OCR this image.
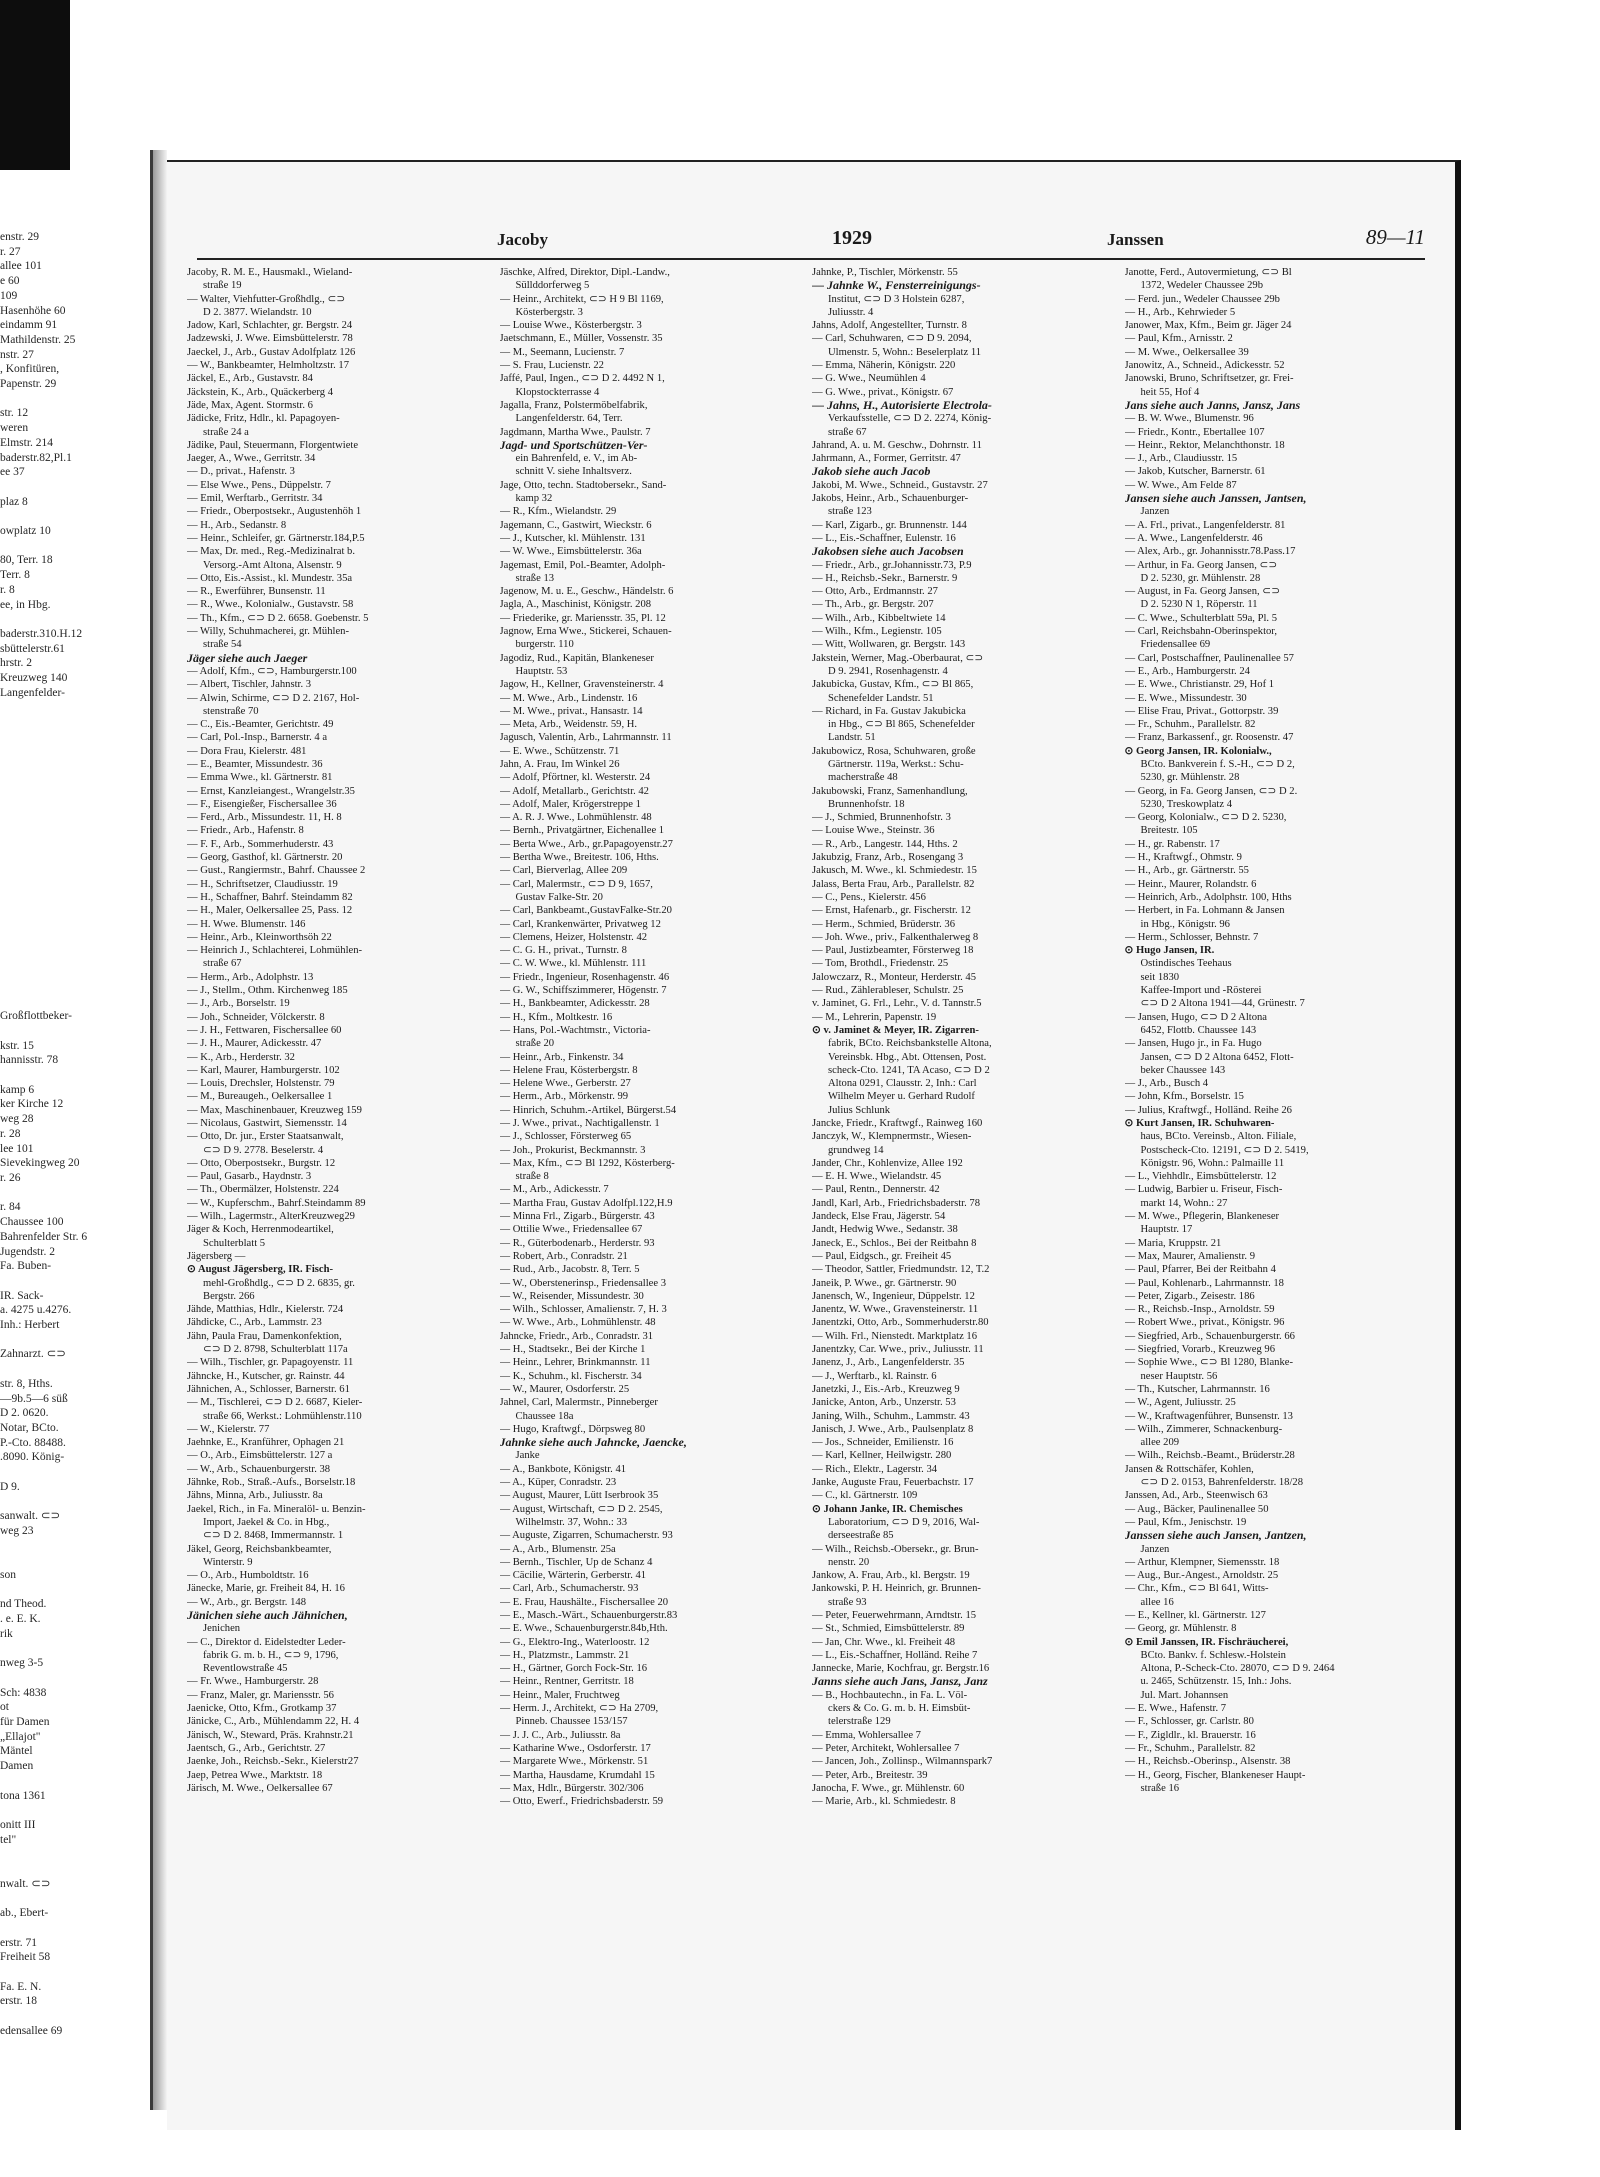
enstr. 29
r. 27
allee 101
e 60
109
Hasenhöhe 60
eindamm 91
Mathildenstr. 25
nstr. 27
, Konfitüren,
Papenstr. 29

str. 12
weren
Elmstr. 214
baderstr.82,Pl.1
ee 37

plaz 8

owplatz 10

80, Terr. 18
Terr. 8
r. 8
ee, in Hbg.

baderstr.310.H.12
sbüttelerstr.61
hrstr. 2
Kreuzweg 140
Langenfelder-

Großflottbeker-

kstr. 15
hannisstr. 78

kamp 6
ker Kirche 12
weg 28
r. 28
lee 101
Sievekingweg 20
r. 26

r. 84
Chaussee 100
Bahrenfelder Str. 6
Jugendstr. 2
Fa. Buben-

IR. Sack-
a. 4275 u.4276.
Inh.: Herbert

Zahnarzt. ⊂⊃

str. 8, Hths.
—9b.5—6 süß
D 2. 0620.
Notar, BCto.
P.-Cto. 88488.
.8090. König-

D 9.

sanwalt. ⊂⊃
weg 23

son

nd Theod.
. e. E. K.
rik

nweg 3-5

Sch: 4838
ot
für Damen
„Ellajot"
Mäntel
Damen

tona 1361

onitt III
tel"

nwalt. ⊂⊃

ab., Ebert-

erstr. 71
Freiheit 58

Fa. E. N.
erstr. 18

edensallee 69
Jacoby	1929	Janssen	89—11
Jacoby, R. M. E., Hausmakl., Wieland-
straße 19
— Walter, Viehfutter-Großhdlg., ⊂⊃
D 2. 3877. Wielandstr. 10
Jadow, Karl, Schlachter, gr. Bergstr. 24
Jadzewski, J. Wwe. Eimsbüttelerstr. 78
Jaeckel, J., Arb., Gustav Adolfplatz 126
— W., Bankbeamter, Helmholtzstr. 17
Jäckel, E., Arb., Gustavstr. 84
Jäckstein, K., Arb., Quäckerberg 4
Jäde, Max, Agent. Stormstr. 6
Jädicke, Fritz, Hdlr., kl. Papagoyen-
straße 24 a
Jädike, Paul, Steuermann, Florgentwiete
Jaeger, A., Wwe., Gerritstr. 34
— D., privat., Hafenstr. 3
— Else Wwe., Pens., Düppelstr. 7
— Emil, Werftarb., Gerritstr. 34
— Friedr., Oberpostsekr., Augustenhöh 1
— H., Arb., Sedanstr. 8
— Heinr., Schleifer, gr. Gärtnerstr.184,P.5
— Max, Dr. med., Reg.-Medizinalrat b.
Versorg.-Amt Altona, Alsenstr. 9
— Otto, Eis.-Assist., kl. Mundestr. 35a
— R., Ewerführer, Bunsenstr. 11
— R., Wwe., Kolonialw., Gustavstr. 58
— Th., Kfm., ⊂⊃ D 2. 6658. Goebenstr. 5
— Willy, Schuhmacherei, gr. Mühlen-
straße 54
Jäger siehe auch Jaeger
— Adolf, Kfm., ⊂⊃, Hamburgerstr.100
— Albert, Tischler, Jahnstr. 3
— Alwin, Schirme, ⊂⊃ D 2. 2167, Hol-
stenstraße 70
— C., Eis.-Beamter, Gerichtstr. 49
— Carl, Pol.-Insp., Barnerstr. 4 a
— Dora Frau, Kielerstr. 481
— E., Beamter, Missundestr. 36
— Emma Wwe., kl. Gärtnerstr. 81
— Ernst, Kanzleiangest., Wrangelstr.35
— F., Eisengießer, Fischersallee 36
— Ferd., Arb., Missundestr. 11, H. 8
— Friedr., Arb., Hafenstr. 8
— F. F., Arb., Sommerhuderstr. 43
— Georg, Gasthof, kl. Gärtnerstr. 20
— Gust., Rangiermstr., Bahrf. Chaussee 2
— H., Schriftsetzer, Claudiusstr. 19
— H., Schaffner, Bahrf. Steindamm 82
— H., Maler, Oelkersallee 25, Pass. 12
— H. Wwe. Blumenstr. 146
— Heinr., Arb., Kleinworthsöh 22
— Heinrich J., Schlachterei, Lohmühlen-
straße 67
— Herm., Arb., Adolphstr. 13
— J., Stellm., Othm. Kirchenweg 185
— J., Arb., Borselstr. 19
— Joh., Schneider, Völckerstr. 8
— J. H., Fettwaren, Fischersallee 60
— J. H., Maurer, Adickesstr. 47
— K., Arb., Herderstr. 32
— Karl, Maurer, Hamburgerstr. 102
— Louis, Drechsler, Holstenstr. 79
— M., Bureaugeh., Oelkersallee 1
— Max, Maschinenbauer, Kreuzweg 159
— Nicolaus, Gastwirt, Siemensstr. 14
— Otto, Dr. jur., Erster Staatsanwalt,
⊂⊃ D 9. 2778. Beselerstr. 4
— Otto, Oberpostsekr., Burgstr. 12
— Paul, Gasarb., Haydnstr. 3
— Th., Obermälzer, Holstenstr. 224
— W., Kupferschm., Bahrf.Steindamm 89
— Wilh., Lagermstr., AlterKreuzweg29
Jäger & Koch, Herrenmodeartikel,
Schulterblatt 5
Jägersberg —
⊙ August Jägersberg, IR. Fisch-
mehl-Großhdlg., ⊂⊃ D 2. 6835, gr.
Bergstr. 266
Jähde, Matthias, Hdlr., Kielerstr. 724
Jähdicke, C., Arb., Lammstr. 23
Jähn, Paula Frau, Damenkonfektion,
⊂⊃ D 2. 8798, Schulterblatt 117a
— Wilh., Tischler, gr. Papagoyenstr. 11
Jähncke, H., Kutscher, gr. Rainstr. 44
Jähnichen, A., Schlosser, Barnerstr. 61
— M., Tischlerei, ⊂⊃ D 2. 6687, Kieler-
straße 66, Werkst.: Lohmühlenstr.110
— W., Kielerstr. 77
Jaehnke, E., Kranführer, Ophagen 21
— O., Arb., Eimsbüttelerstr. 127 a
— W., Arb., Schauenburgerstr. 38
Jähnke, Rob., Straß.-Aufs., Borselstr.18
Jähns, Minna, Arb., Juliusstr. 8a
Jaekel, Rich., in Fa. Mineralöl- u. Benzin-
Import, Jaekel & Co. in Hbg.,
⊂⊃ D 2. 8468, Immermannstr. 1
Jäkel, Georg, Reichsbankbeamter,
Winterstr. 9
— O., Arb., Humboldtstr. 16
Jänecke, Marie, gr. Freiheit 84, H. 16
— W., Arb., gr. Bergstr. 148
Jänichen siehe auch Jähnichen,
Jenichen
— C., Direktor d. Eidelstedter Leder-
fabrik G. m. b. H., ⊂⊃ 9, 1796,
Reventlowstraße 45
— Fr. Wwe., Hamburgerstr. 28
— Franz, Maler, gr. Mariensstr. 56
Jaenicke, Otto, Kfm., Grotkamp 37
Jänicke, C., Arb., Mühlendamm 22, H. 4
Jänisch, W., Steward, Präs. Krahnstr.21
Jaentsch, G., Arb., Gerichtstr. 27
Jaenke, Joh., Reichsb.-Sekr., Kielerstr27
Jaep, Petrea Wwe., Marktstr. 18
Järisch, M. Wwe., Oelkersallee 67
Jäschke, Alfred, Direktor, Dipl.-Landw.,
Süllddorferweg 5
— Heinr., Architekt, ⊂⊃ H 9 Bl 1169,
Kösterbergstr. 3
— Louise Wwe., Kösterbergstr. 3
Jaetschmann, E., Müller, Vossenstr. 35
— M., Seemann, Lucienstr. 7
— S. Frau, Lucienstr. 22
Jaffé, Paul, Ingen., ⊂⊃ D 2. 4492 N 1,
Klopstockterrasse 4
Jagalla, Franz, Polstermöbelfabrik,
Langenfelderstr. 64, Terr.
Jagdmann, Martha Wwe., Paulstr. 7
Jagd- und Sportschützen-Ver-
ein Bahrenfeld, e. V., im Ab-
schnitt V. siehe Inhaltsverz.
Jage, Otto, techn. Stadtobersekr., Sand-
kamp 32
— R., Kfm., Wielandstr. 29
Jagemann, C., Gastwirt, Wieckstr. 6
— J., Kutscher, kl. Mühlenstr. 131
— W. Wwe., Eimsbüttelerstr. 36a
Jagemast, Emil, Pol.-Beamter, Adolph-
straße 13
Jagenow, M. u. E., Geschw., Händelstr. 6
Jagla, A., Maschinist, Königstr. 208
— Friederike, gr. Mariensstr. 35, Pl. 12
Jagnow, Erna Wwe., Stickerei, Schauen-
burgerstr. 110
Jagodiz, Rud., Kapitän, Blankeneser
Hauptstr. 53
Jagow, H., Kellner, Gravensteinerstr. 4
— M. Wwe., Arb., Lindenstr. 16
— M. Wwe., privat., Hansastr. 14
— Meta, Arb., Weidenstr. 59, H.
Jagusch, Valentin, Arb., Lahrmannstr. 11
— E. Wwe., Schützenstr. 71
Jahn, A. Frau, Im Winkel 26
— Adolf, Pförtner, kl. Westerstr. 24
— Adolf, Metallarb., Gerichtstr. 42
— Adolf, Maler, Krögerstreppe 1
— A. R. J. Wwe., Lohmühlenstr. 48
— Bernh., Privatgärtner, Eichenallee 1
— Berta Wwe., Arb., gr.Papagoyenstr.27
— Bertha Wwe., Breitestr. 106, Hths.
— Carl, Bierverlag, Allee 209
— Carl, Malermstr., ⊂⊃ D 9, 1657,
Gustav Falke-Str. 20
— Carl, Bankbeamt.,GustavFalke-Str.20
— Carl, Krankenwärter, Privatweg 12
— Clemens, Heizer, Holstenstr. 42
— C. G. H., privat., Turnstr. 8
— C. W. Wwe., kl. Mühlenstr. 111
— Friedr., Ingenieur, Rosenhagenstr. 46
— G. W., Schiffszimmerer, Högenstr. 7
— H., Bankbeamter, Adickesstr. 28
— H., Kfm., Moltkestr. 16
— Hans, Pol.-Wachtmstr., Victoria-
straße 20
— Heinr., Arb., Finkenstr. 34
— Helene Frau, Kösterbergstr. 8
— Helene Wwe., Gerberstr. 27
— Herm., Arb., Mörkenstr. 99
— Hinrich, Schuhm.-Artikel, Bürgerst.54
— J. Wwe., privat., Nachtigallenstr. 1
— J., Schlosser, Försterweg 65
— Joh., Prokurist, Beckmannstr. 3
— Max, Kfm., ⊂⊃ Bl 1292, Kösterberg-
straße 8
— M., Arb., Adickesstr. 7
— Martha Frau, Gustav Adolfpl.122,H.9
— Minna Frl., Zigarb., Bürgerstr. 43
— Ottilie Wwe., Friedensallee 67
— R., Güterbodenarb., Herderstr. 93
— Robert, Arb., Conradstr. 21
— Rud., Arb., Jacobstr. 8, Terr. 5
— W., Oberstenerinsp., Friedensallee 3
— W., Reisender, Missundestr. 30
— Wilh., Schlosser, Amalienstr. 7, H. 3
— W. Wwe., Arb., Lohmühlenstr. 48
Jahncke, Friedr., Arb., Conradstr. 31
— H., Stadtsekr., Bei der Kirche 1
— Heinr., Lehrer, Brinkmannstr. 11
— K., Schuhm., kl. Fischerstr. 34
— W., Maurer, Osdorferstr. 25
Jahnel, Carl, Malermstr., Pinneberger
Chaussee 18a
— Hugo, Kraftwgf., Dörpsweg 80
Jahnke siehe auch Jahncke, Jaencke,
Janke
— A., Bankbote, Königstr. 41
— A., Küper, Conradstr. 23
— August, Maurer, Lütt Iserbrook 35
— August, Wirtschaft, ⊂⊃ D 2. 2545,
Wilhelmstr. 37, Wohn.: 33
— Auguste, Zigarren, Schumacherstr. 93
— A., Arb., Blumenstr. 25a
— Bernh., Tischler, Up de Schanz 4
— Cäcilie, Wärterin, Gerberstr. 41
— Carl, Arb., Schumacherstr. 93
— E. Frau, Haushälte., Fischersallee 20
— E., Masch.-Wärt., Schauenburgerstr.83
— E. Wwe., Schauenburgerstr.84b,Hth.
— G., Elektro-Ing., Waterloostr. 12
— H., Platzmstr., Lammstr. 21
— H., Gärtner, Gorch Fock-Str. 16
— Heinr., Rentner, Gerritstr. 18
— Heinr., Maler, Fruchtweg
— Herm. J., Architekt, ⊂⊃ Ha 2709,
Pinneb. Chaussee 153/157
— J. J. C., Arb., Juliusstr. 8a
— Katharine Wwe., Osdorferstr. 17
— Margarete Wwe., Mörkenstr. 51
— Martha, Hausdame, Krumdahl 15
— Max, Hdlr., Bürgerstr. 302/306
— Otto, Ewerf., Friedrichsbaderstr. 59
Jahnke, P., Tischler, Mörkenstr. 55
— Jahnke W., Fensterreinigungs-
Institut, ⊂⊃ D 3 Holstein 6287,
Juliusstr. 4
Jahns, Adolf, Angestellter, Turnstr. 8
— Carl, Schuhwaren, ⊂⊃ D 9. 2094,
Ulmenstr. 5, Wohn.: Beselerplatz 11
— Emma, Näherin, Königstr. 220
— G. Wwe., Neumühlen 4
— G. Wwe., privat., Königstr. 67
— Jahns, H., Autorisierte Electrola-
Verkaufsstelle, ⊂⊃ D 2. 2274, König-
straße 67
Jahrand, A. u. M. Geschw., Dohrnstr. 11
Jahrmann, A., Former, Gerritstr. 47
Jakob siehe auch Jacob
Jakobi, M. Wwe., Schneid., Gustavstr. 27
Jakobs, Heinr., Arb., Schauenburger-
straße 123
— Karl, Zigarb., gr. Brunnenstr. 144
— L., Eis.-Schaffner, Eulenstr. 16
Jakobsen siehe auch Jacobsen
— Friedr., Arb., gr.Johannisstr.73, P.9
— H., Reichsb.-Sekr., Barnerstr. 9
— Otto, Arb., Erdmannstr. 27
— Th., Arb., gr. Bergstr. 207
— Wilh., Arb., Kibbeltwiete 14
— Wilh., Kfm., Legienstr. 105
— Witt, Wollwaren, gr. Bergstr. 143
Jakstein, Werner, Mag.-Oberbaurat, ⊂⊃
D 9. 2941, Rosenhagenstr. 4
Jakubicka, Gustav, Kfm., ⊂⊃ Bl 865,
Schenefelder Landstr. 51
— Richard, in Fa. Gustav Jakubicka
in Hbg., ⊂⊃ Bl 865, Schenefelder
Landstr. 51
Jakubowicz, Rosa, Schuhwaren, große
Gärtnerstr. 119a, Werkst.: Schu-
macherstraße 48
Jakubowski, Franz, Samenhandlung,
Brunnenhofstr. 18
— J., Schmied, Brunnenhofstr. 3
— Louise Wwe., Steinstr. 36
— R., Arb., Langestr. 144, Hths. 2
Jakubzig, Franz, Arb., Rosengang 3
Jakusch, M. Wwe., kl. Schmiedestr. 15
Jalass, Berta Frau, Arb., Parallelstr. 82
— C., Pens., Kielerstr. 456
— Ernst, Hafenarb., gr. Fischerstr. 12
— Herm., Schmied, Brüderstr. 36
— Joh. Wwe., priv., Falkenthalerweg 8
— Paul, Justizbeamter, Försterweg 18
— Tom, Brothdl., Friedenstr. 25
Jalowczarz, R., Monteur, Herderstr. 45
— Rud., Zählerableser, Schulstr. 25
v. Jaminet, G. Frl., Lehr., V. d. Tannstr.5
— M., Lehrerin, Papenstr. 19
⊙ v. Jaminet & Meyer, IR. Zigarren-
fabrik, BCto. Reichsbankstelle Altona,
Vereinsbk. Hbg., Abt. Ottensen, Post.
scheck-Cto. 1241, TA Acaso, ⊂⊃ D 2
Altona 0291, Clausstr. 2, Inh.: Carl
Wilhelm Meyer u. Gerhard Rudolf
Julius Schlunk
Jancke, Friedr., Kraftwgf., Rainweg 160
Janczyk, W., Klempnermstr., Wiesen-
grundweg 14
Jander, Chr., Kohlenvize, Allee 192
— E. H. Wwe., Wielandstr. 45
— Paul, Rentn., Dennerstr. 42
Jandl, Karl, Arb., Friedrichsbaderstr. 78
Jandeck, Else Frau, Jägerstr. 54
Jandt, Hedwig Wwe., Sedanstr. 38
Janeck, E., Schlos., Bei der Reitbahn 8
— Paul, Eidgsch., gr. Freiheit 45
— Theodor, Sattler, Friedmundstr. 12, T.2
Janeik, P. Wwe., gr. Gärtnerstr. 90
Janensch, W., Ingenieur, Düppelstr. 12
Janentz, W. Wwe., Gravensteinerstr. 11
Janentzki, Otto, Arb., Sommerhuderstr.80
— Wilh. Frl., Nienstedt. Marktplatz 16
Janentzky, Car. Wwe., priv., Juliusstr. 11
Janenz, J., Arb., Langenfelderstr. 35
— J., Werftarb., kl. Rainstr. 6
Janetzki, J., Eis.-Arb., Kreuzweg 9
Janicke, Anton, Arb., Unzerstr. 53
Janing, Wilh., Schuhm., Lammstr. 43
Janisch, J. Wwe., Arb., Paulsenplatz 8
— Jos., Schneider, Emilienstr. 16
— Karl, Kellner, Heilwigstr. 280
— Rich., Elektr., Lagerstr. 34
Janke, Auguste Frau, Feuerbachstr. 17
— C., kl. Gärtnerstr. 109
⊙ Johann Janke, IR. Chemisches
Laboratorium, ⊂⊃ D 9, 2016, Wal-
derseestraße 85
— Wilh., Reichsb.-Obersekr., gr. Brun-
nenstr. 20
Jankow, A. Frau, Arb., kl. Bergstr. 19
Jankowski, P. H. Heinrich, gr. Brunnen-
straße 93
— Peter, Feuerwehrmann, Arndtstr. 15
— St., Schmied, Eimsbüttelerstr. 89
— Jan, Chr. Wwe., kl. Freiheit 48
— L., Eis.-Schaffner, Holländ. Reihe 7
Jannecke, Marie, Kochfrau, gr. Bergstr.16
Janns siehe auch Jans, Jansz, Janz
— B., Hochbautechn., in Fa. L. Völ-
ckers & Co. G. m. b. H. Eimsbüt-
telerstraße 129
— Emma, Wohlersallee 7
— Peter, Architekt, Wohlersallee 7
— Jancen, Joh., Zollinsp., Wilmannspark7
— Peter, Arb., Breitestr. 39
Janocha, F. Wwe., gr. Mühlenstr. 60
— Marie, Arb., kl. Schmiedestr. 8
Janotte, Ferd., Autovermietung, ⊂⊃ Bl
1372, Wedeler Chaussee 29b
— Ferd. jun., Wedeler Chaussee 29b
— H., Arb., Kehrwieder 5
Janower, Max, Kfm., Beim gr. Jäger 24
— Paul, Kfm., Arnisstr. 2
— M. Wwe., Oelkersallee 39
Janowitz, A., Schneid., Adickesstr. 52
Janowski, Bruno, Schriftsetzer, gr. Frei-
heit 55, Hof 4
Jans siehe auch Janns, Jansz, Jans
— B. W. Wwe., Blumenstr. 96
— Friedr., Kontr., Ebertallee 107
— Heinr., Rektor, Melanchthonstr. 18
— J., Arb., Claudiusstr. 15
— Jakob, Kutscher, Barnerstr. 61
— W. Wwe., Am Felde 87
Jansen siehe auch Janssen, Jantsen,
Janzen
— A. Frl., privat., Langenfelderstr. 81
— A. Wwe., Langenfelderstr. 46
— Alex, Arb., gr. Johannisstr.78.Pass.17
— Arthur, in Fa. Georg Jansen, ⊂⊃
D 2. 5230, gr. Mühlenstr. 28
— August, in Fa. Georg Jansen, ⊂⊃
D 2. 5230 N 1, Röperstr. 11
— C. Wwe., Schulterblatt 59a, Pl. 5
— Carl, Reichsbahn-Oberinspektor,
Friedensallee 69
— Carl, Postschaffner, Paulinenallee 57
— E., Arb., Hamburgerstr. 24
— E. Wwe., Christianstr. 29, Hof 1
— E. Wwe., Missundestr. 30
— Elise Frau, Privat., Gottorpstr. 39
— Fr., Schuhm., Parallelstr. 82
— Franz, Barkassenf., gr. Roosenstr. 47
⊙ Georg Jansen, IR. Kolonialw.,
BCto. Bankverein f. S.-H., ⊂⊃ D 2,
5230, gr. Mühlenstr. 28
— Georg, in Fa. Georg Jansen, ⊂⊃ D 2.
5230, Treskowplatz 4
— Georg, Kolonialw., ⊂⊃ D 2. 5230,
Breitestr. 105
— H., gr. Rabenstr. 17
— H., Kraftwgf., Ohmstr. 9
— H., Arb., gr. Gärtnerstr. 55
— Heinr., Maurer, Rolandstr. 6
— Heinrich, Arb., Adolphstr. 100, Hths
— Herbert, in Fa. Lohmann & Jansen
in Hbg., Königstr. 96
— Herm., Schlosser, Behnstr. 7
⊙ Hugo Jansen, IR.
Ostindisches Teehaus
seit 1830
Kaffee-Import und -Rösterei
⊂⊃ D 2 Altona 1941—44, Grünestr. 7
— Jansen, Hugo, ⊂⊃ D 2 Altona
6452, Flottb. Chaussee 143
— Jansen, Hugo jr., in Fa. Hugo
Jansen, ⊂⊃ D 2 Altona 6452, Flott-
beker Chaussee 143
— J., Arb., Busch 4
— John, Kfm., Borselstr. 15
— Julius, Kraftwgf., Holländ. Reihe 26
⊙ Kurt Jansen, IR. Schuhwaren-
haus, BCto. Vereinsb., Alton. Filiale,
Postscheck-Cto. 12191, ⊂⊃ D 2. 5419,
Königstr. 96, Wohn.: Palmaille 11
— L., Viehhdlr., Eimsbüttelerstr. 12
— Ludwig, Barbier u. Friseur, Fisch-
markt 14, Wohn.: 27
— M. Wwe., Pflegerin, Blankeneser
Hauptstr. 17
— Maria, Kruppstr. 21
— Max, Maurer, Amalienstr. 9
— Paul, Pfarrer, Bei der Reitbahn 4
— Paul, Kohlenarb., Lahrmannstr. 18
— Peter, Zigarb., Zeisestr. 186
— R., Reichsb.-Insp., Arnoldstr. 59
— Robert Wwe., privat., Königstr. 96
— Siegfried, Arb., Schauenburgerstr. 66
— Siegfried, Vorarb., Kreuzweg 96
— Sophie Wwe., ⊂⊃ Bl 1280, Blanke-
neser Hauptstr. 56
— Th., Kutscher, Lahrmannstr. 16
— W., Agent, Juliusstr. 25
— W., Kraftwagenführer, Bunsenstr. 13
— Wilh., Zimmerer, Schnackenburg-
allee 209
— Wilh., Reichsb.-Beamt., Brüderstr.28
Jansen & Rottschäfer, Kohlen,
⊂⊃ D 2. 0153, Bahrenfelderstr. 18/28
Janssen, Ad., Arb., Steenwisch 63
— Aug., Bäcker, Paulinenallee 50
— Paul, Kfm., Jenischstr. 19
Janssen siehe auch Jansen, Jantzen,
Janzen
— Arthur, Klempner, Siemensstr. 18
— Aug., Bur.-Angest., Arnoldstr. 25
— Chr., Kfm., ⊂⊃ Bl 641, Witts-
allee 16
— E., Kellner, kl. Gärtnerstr. 127
— Georg, gr. Mühlenstr. 8
⊙ Emil Janssen, IR. Fischräucherei,
BCto. Bankv. f. Schlesw.-Holstein
Altona, P.-Scheck-Cto. 28070, ⊂⊃ D 9. 2464
u. 2465, Schützenstr. 15, Inh.: Johs.
Jul. Mart. Johannsen
— E. Wwe., Hafenstr. 7
— F., Schlosser, gr. Carlstr. 80
— F., Zigldlr., kl. Brauerstr. 16
— Fr., Schuhm., Parallelstr. 82
— H., Reichsb.-Oberinsp., Alsenstr. 38
— H., Georg, Fischer, Blankeneser Haupt-
straße 16
